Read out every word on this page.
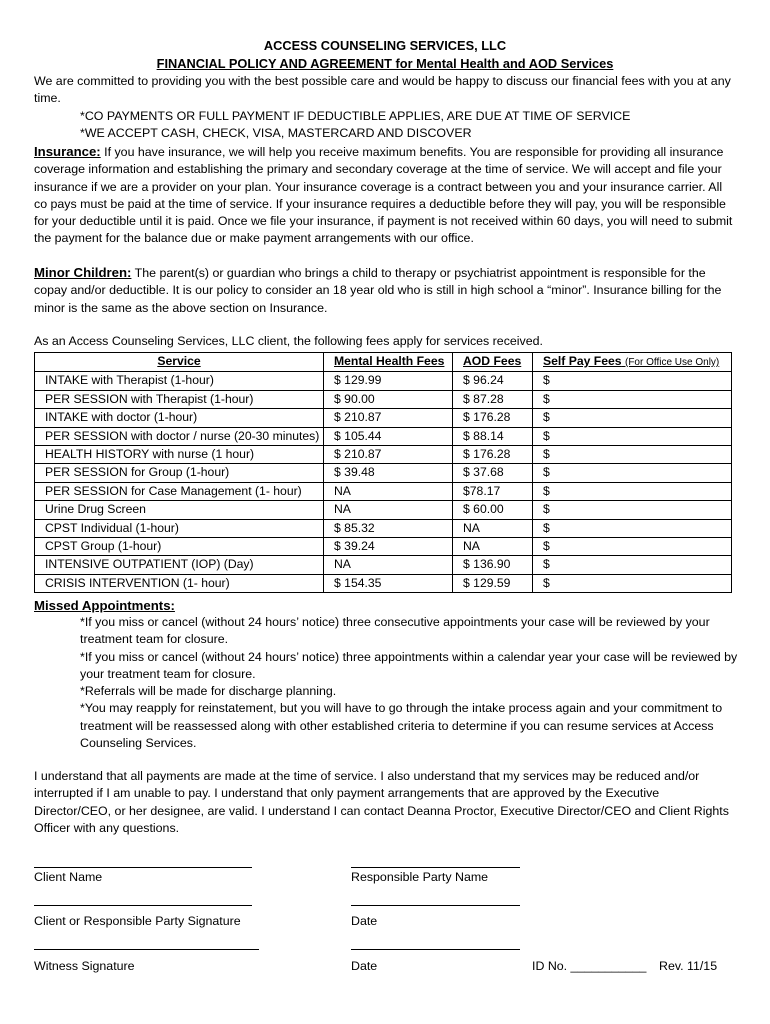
ACCESS COUNSELING SERVICES, LLC
FINANCIAL POLICY AND AGREEMENT for Mental Health and AOD Services

We are committed to providing you with the best possible care and would be happy to discuss our financial fees with you at any time.

*CO PAYMENTS OR FULL PAYMENT IF DEDUCTIBLE APPLIES, ARE DUE AT TIME OF SERVICE

*WE ACCEPT CASH, CHECK, VISA, MASTERCARD AND DISCOVER

Insurance: If you have insurance, we will help you receive maximum benefits. You are responsible for providing all insurance coverage information and establishing the primary and secondary coverage at the time of service. We will accept and file your insurance if we are a provider on your plan. Your insurance coverage is a contract between you and your insurance carrier. All co pays must be paid at the time of service. If your insurance requires a deductible before they will pay, you will be responsible for your deductible until it is paid. Once we file your insurance, if payment is not received within 60 days, you will need to submit the payment for the balance due or make payment arrangements with our office.

Minor Children: The parent(s) or guardian who brings a child to therapy or psychiatrist appointment is responsible for the copay and/or deductible. It is our policy to consider an 18 year old who is still in high school a “minor”. Insurance billing for the minor is the same as the above section on Insurance.

As an Access Counseling Services, LLC client, the following fees apply for services received.

Service	Mental Health Fees	AOD Fees	Self Pay Fees (For Office Use Only)
INTAKE with Therapist (1-hour)	$ 129.99	$ 96.24	$
PER SESSION with Therapist (1-hour)	$ 90.00	$ 87.28	$
INTAKE with doctor (1-hour)	$ 210.87	$ 176.28	$
PER SESSION with doctor / nurse (20-30 minutes)	$ 105.44	$ 88.14	$
HEALTH HISTORY with nurse (1 hour)	$ 210.87	$ 176.28	$
PER SESSION for Group (1-hour)	$ 39.48	$ 37.68	$
PER SESSION for Case Management (1- hour)	NA	$78.17	$
Urine Drug Screen	NA	$ 60.00	$
CPST Individual (1-hour)	$ 85.32	NA	$
CPST Group (1-hour)	$ 39.24	NA	$
INTENSIVE OUTPATIENT (IOP) (Day)	NA	$ 136.90	$
CRISIS INTERVENTION (1- hour)	$ 154.35	$ 129.59	$
Missed Appointments:

*If you miss or cancel (without 24 hours’ notice) three consecutive appointments your case will be reviewed by your treatment team for closure.

*If you miss or cancel (without 24 hours’ notice) three appointments within a calendar year your case will be reviewed by your treatment team for closure.

*Referrals will be made for discharge planning.

*You may reapply for reinstatement, but you will have to go through the intake process again and your commitment to treatment will be reassessed along with other established criteria to determine if you can resume services at Access Counseling Services.

I understand that all payments are made at the time of service. I also understand that my services may be reduced and/or interrupted if I am unable to pay. I understand that only payment arrangements that are approved by the Executive Director/CEO, or her designee, are valid. I understand I can contact Deanna Proctor, Executive Director/CEO and Client Rights Officer with any questions.

Client Name	Responsible Party Name
Client or Responsible Party Signature	Date
Witness Signature	Date	ID No. ___________ Rev. 11/15
